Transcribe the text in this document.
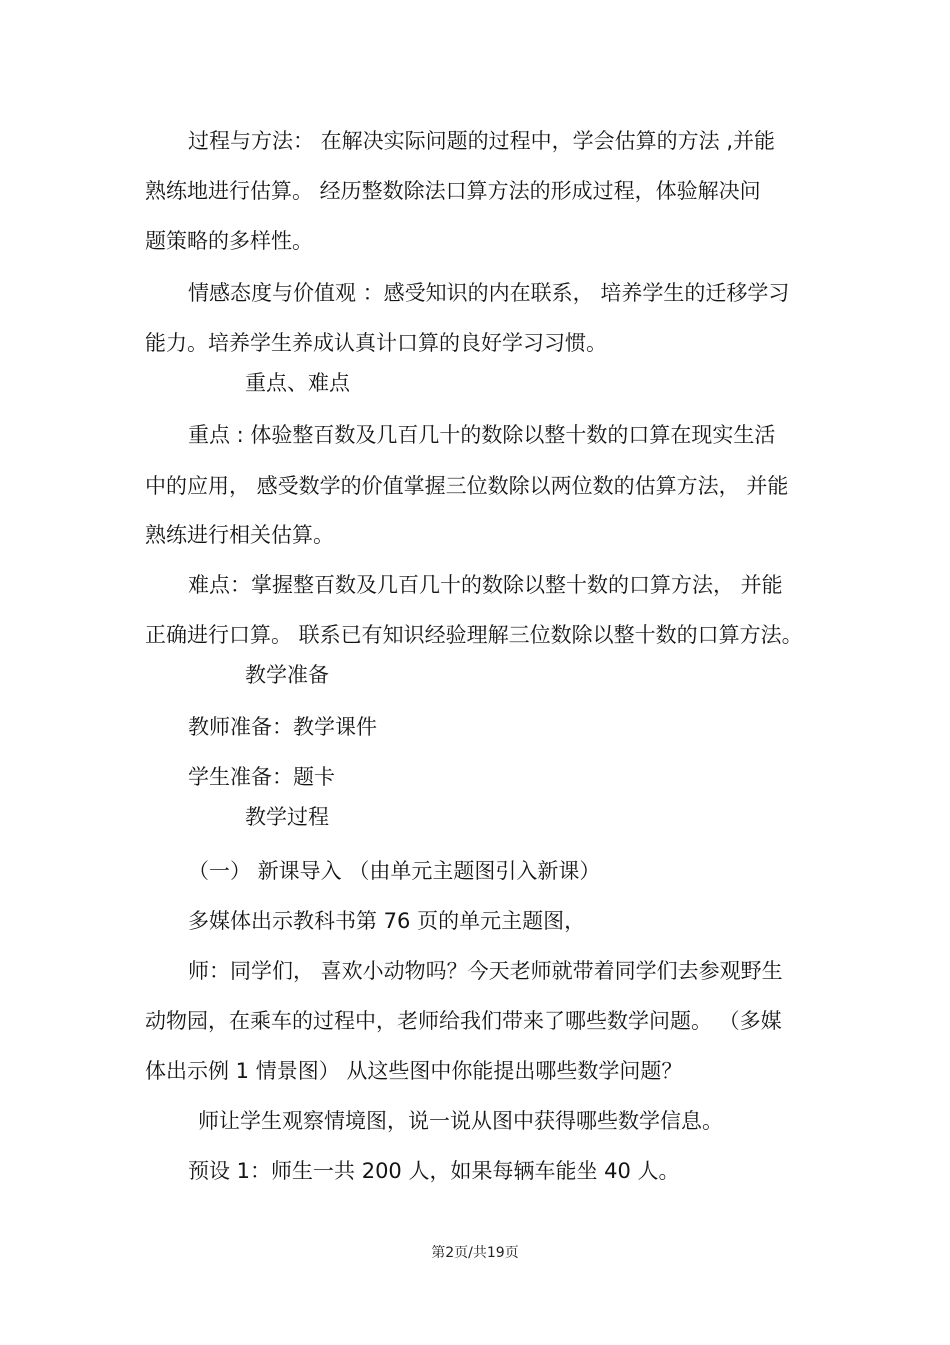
过程与方法： 在解决实际问题的过程中，学会估算的方法 ,并能
熟练地进行估算。 经历整数除法口算方法的形成过程，体验解决问
题策略的多样性。
情感态度与价值观 ：感受知识的内在联系， 培养学生的迁移学习
能力。培养学生养成认真计口算的良好学习习惯。
重点、难点
重点 : 体验整百数及几百几十的数除以整十数的口算在现实生活
中的应用， 感受数学的价值掌握三位数除以两位数的估算方法， 并能
熟练进行相关估算。
难点：掌握整百数及几百几十的数除以整十数的口算方法， 并能
正确进行口算。 联系已有知识经验理解三位数除以整十数的口算方法。
教学准备
教师准备：教学课件
学生准备：题卡
教学过程
（一） 新课导入 （由单元主题图引入新课）
多媒体出示教科书第 76 页的单元主题图，
师：同学们， 喜欢小动物吗？今天老师就带着同学们去参观野生
动物园，在乘车的过程中，老师给我们带来了哪些数学问题。 （多媒
体出示例 1 情景图） 从这些图中你能提出哪些数学问题？
师让学生观察情境图，说一说从图中获得哪些数学信息。
预设 1：师生一共 200 人，如果每辆车能坐 40 人。
第2页/共19页
